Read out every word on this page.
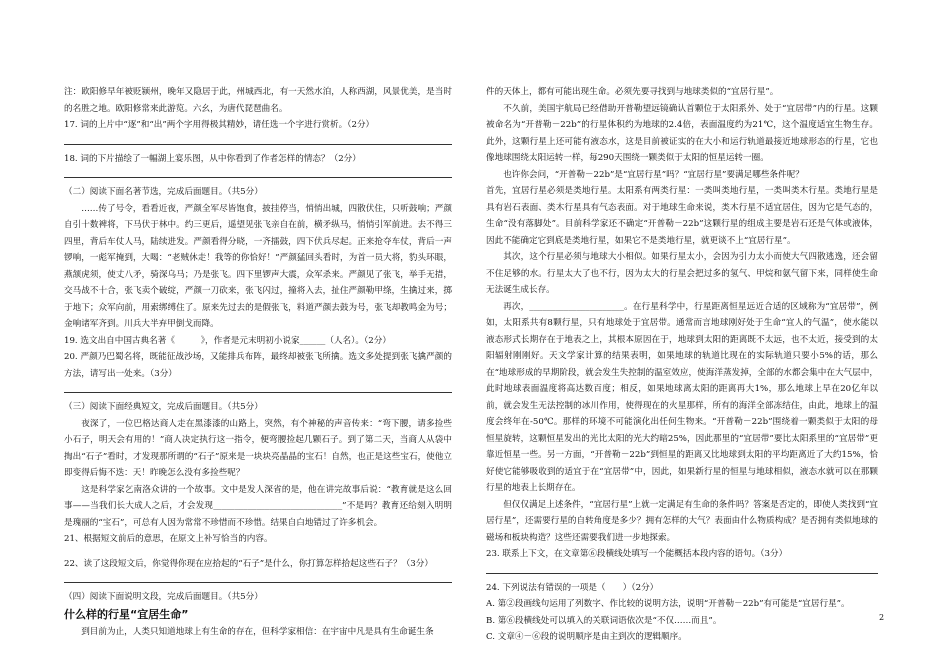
注：欧阳修早年被贬颍州，晚年又隐居于此，州城西北，有一天然水泊，人称西湖，风景优美，是当时的名胜之地。欧阳修常来此游览。六幺，为唐代琵琶曲名。

17. 词的上片中“逐”和“出”两个字用得极其精妙，请任选一个字进行赏析。（2分）

18. 词的下片描绘了一幅湖上宴乐图，从中你看到了作者怎样的情态？（2分）

（二）阅读下面名著节选，完成后面题目。（共5分）

……传了号令，看看近夜，严颜全军尽皆饱食，披挂停当，悄悄出城，四散伏住，只听鼓响；严颜自引十数裨将，下马伏于林中。约三更后，遥望见张飞亲自在前，横矛纵马，悄悄引军前进。去不得三四里，背后车仗人马，陆续进发。严颜看得分晓，一齐擂鼓，四下伏兵尽起。正来抢夺车仗，背后一声锣响，一彪军掩到，大喝：“老贼休走！我等的你恰好！”严颜猛回头看时，为首一员大将，豹头环眼，燕颔虎须，使丈八矛，骑深乌马；乃是张飞。四下里锣声大震，众军杀来。严颜见了张飞，举手无措，交马战不十合，张飞卖个破绽，严颜一刀砍来，张飞闪过，撞将入去，扯住严颜勒甲绦，生擒过来，掷于地下；众军向前，用索绑缚住了。原来先过去的是假张飞，料道严颜去鼓为号，张飞却教鸣金为号；金响诸军齐到。川兵大半弃甲倒戈而降。

19. 选文出自中国古典名著《　　　》，作者是元末明初小说家______（人名）。（2分）

20. 严颜乃巴蜀名将，既能征战沙场，又能排兵布阵，最终却被张飞所擒。选文多处提到张飞擒严颜的方法，请写出一处来。（3分）

（三）阅读下面经典短文，完成后面题目。（共5分）

夜深了，一位巴格达商人走在黑漆漆的山路上，突然，有个神秘的声音传来：“弯下腰，请多捡些小石子，明天会有用的！”商人决定执行这一指令，便弯腰捡起几颗石子。到了第二天，当商人从袋中掏出“石子”看时，才发现那所谓的“石子”原来是一块块亮晶晶的宝石！自然，也正是这些宝石，使他立即变得后悔不迭：天！昨晚怎么没有多捡些呢？

这是科学家乞南洛众讲的一个故事。文中是发人深省的是，他在讲完故事后说：“教育就是这么回事——当我们长大成人之后，才会发现______________________________”不是吗？教育还给刻入明明是瑰丽的“宝石”，可总有人因为常常不珍惜而不珍惜。结果自白地错过了许多机会。

21、根据短文前后的意思，在原文上补写恰当的内容。

22、读了这段短文后，你觉得你现在应拾起的“石子”是什么，你打算怎样拾起这些石子？（3分）

（四）阅读下面说明文段，完成后面题目。（共5分）

什么样的行星“宜居生命”

到目前为止，人类只知道地球上有生命的存在，但科学家相信：在宇宙中凡是具有生命诞生条

件的天体上，都有可能出现生命。必须先要寻找到与地球类似的“宜居行星”。

不久前，美国宇航局已经借助开普勒望远镜确认首颗位于太阳系外、处于“宜居带”内的行星。这颗被命名为“开普勒－22b”的行星体积约为地球的2.4倍，表面温度约为21℃，这个温度适宜生物生存。此外，这颗行星上还可能有液态水，这是目前被证实的在大小和运行轨道最接近地球形态的行星，它也像地球围绕太阳运转一样，每290天围绕一颗类似于太阳的恒星运转一圈。

也许你会问，“开普勒－22b”是“宜居行星”吗？“宜居行星”要满足哪些条件呢？

首先，宜居行星必须是类地行星。太阳系有两类行星：一类叫类地行星，一类叫类木行星。类地行星是具有岩石表面、类木行星具有气态表面。对于地球生命来说，类木行星不适宜居住，因为它是气态的，生命“没有落脚处”。目前科学家还不确定“开普勒－22b”这颗行星的组成主要是岩石还是气体或液体，因此不能确定它到底是类地行星，如果它不是类地行星，就更谈不上“宜居行星”。

其次，这个行星必须与地球大小相似。如果行星太小，会因为引力太小而使大气四散逃逸，还会留不住足够的水。行星太大了也不行，因为太大的行星会把过多的氢气、甲烷和氨气留下来，同样使生命无法诞生成长存。

再次，______________________。在行星科学中，行星距离恒星远近合适的区域称为“宜居带”，例如，太阳系共有8颗行星，只有地球处于宜居带。通常而言地球刚好处于生命“宜人的气温”，使水能以液态形式长期存在于地表之上，其根本原因在于，地球到太阳的距离既不太远，也不太近，接受到的太阳辐射刚刚好。天文学家计算的结果表明，如果地球的轨道比现在的实际轨道只要小5%的话，那么在“地球形成的早期阶段，就会发生失控制的温室效应，使海洋蒸发掉，全部的水都会集中在大气层中，此时地球表面温度将高达数百度；相反，如果地球离太阳的距离再大1%，那么地球上早在20亿年以前，就会发生无法控制的冰川作用，使得现在的火星那样，所有的海洋全部冻结住，由此，地球上的温度会终年在-50℃。那样的环境不可能演化出任何生物来。“开普勒－22b”围绕着一颗类似于太阳的母恒星旋转，这颗恒星发出的光比太阳的光大约暗25%，因此那里的“宜居带”要比太阳系里的“宜居带”更靠近恒星一些。另一方面，“开普勒－22b”到恒星的距离又比地球到太阳的平均距离近了大约15%，恰好使它能够吸收到的适宜于在“宜居带”中，因此，如果新行星的恒星与地球相似，液态水就可以在那颗行星的地表上长期存在。

但仅仅满足上述条件，“宜居行星”上就一定满足有生命的条件吗？答案是否定的，即使人类找到“宜居行星”，还需要行星的自转角度是多少？拥有怎样的大气？表面由什么物质构成？是否拥有类似地球的磁场和板块构造？这些还需要我们进一步地探索。

23. 联系上下文，在文章第⑥段横线处填写一个能概括本段内容的语句。（3分）

24. 下列说法有错误的一项是（　　）（2分）

A. 第②段画线句运用了列数字、作比较的说明方法，说明“开普勒－22b”有可能是“宜居行星”。

B. 第⑥段横线处可以填入的关联词语依次是“不仅……而且”。

C. 文章④－⑥段的说明顺序是由主到次的逻辑顺序。

2
